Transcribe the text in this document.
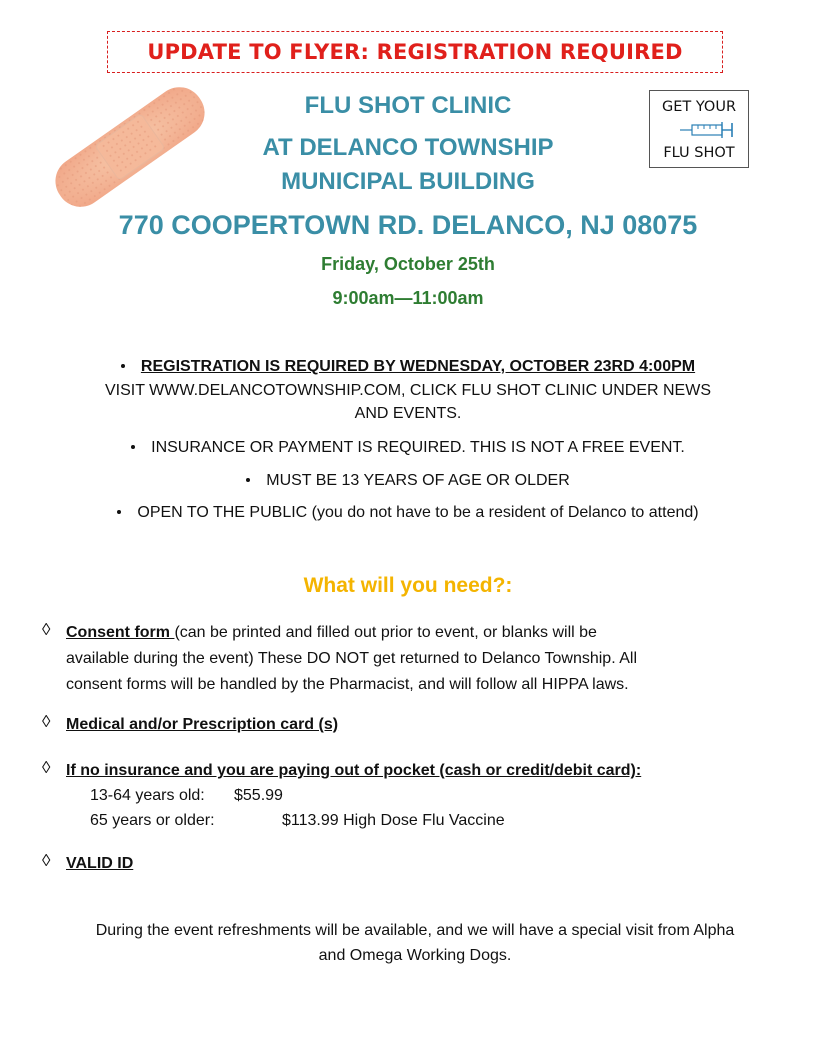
UPDATE TO FLYER: REGISTRATION REQUIRED
GET YOUR
FLU SHOT
FLU SHOT CLINIC
AT DELANCO TOWNSHIP
MUNICIPAL BUILDING
770 COOPERTOWN RD. DELANCO, NJ 08075
Friday, October 25th
9:00am—11:00am
REGISTRATION IS REQUIRED BY WEDNESDAY, OCTOBER 23RD 4:00PM
VISIT WWW.DELANCOTOWNSHIP.COM, CLICK FLU SHOT CLINIC UNDER NEWS
AND EVENTS.
INSURANCE OR PAYMENT IS REQUIRED. THIS IS NOT A FREE EVENT.
MUST BE 13 YEARS OF AGE OR OLDER
OPEN TO THE PUBLIC (you do not have to be a resident of Delanco to attend)
What will you need?:
◊ Consent form (can be printed and filled out prior to event, or blanks will be
available during the event) These DO NOT get returned to Delanco Township. All
consent forms will be handled by the Pharmacist, and will follow all HIPPA laws.
◊ Medical and/or Prescription card (s)
◊ If no insurance and you are paying out of pocket (cash or credit/debit card):
13-64 years old: $55.99
65 years or older:	$113.99 High Dose Flu Vaccine
◊ VALID ID
During the event refreshments will be available, and we will have a special visit from Alpha
and Omega Working Dogs.
